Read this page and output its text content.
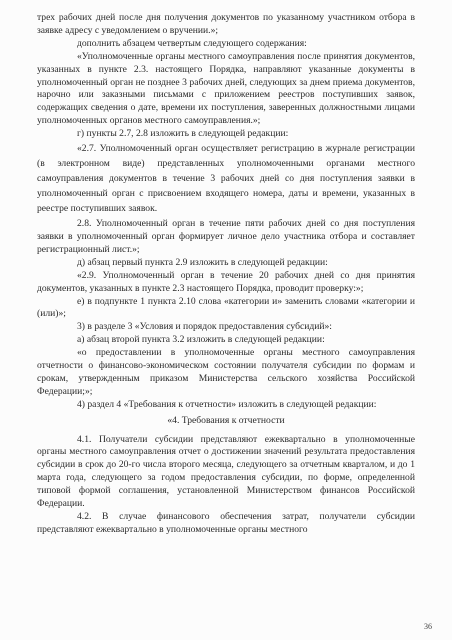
трех рабочих дней после дня получения документов по указанному участником отбора в заявке адресу с уведомлением о вручении.»;

дополнить абзацем четвертым следующего содержания:

«Уполномоченные органы местного самоуправления после принятия документов, указанных в пункте 2.3. настоящего Порядка, направляют указанные документы в уполномоченный орган не позднее 3 рабочих дней, следующих за днем приема документов, нарочно или заказными письмами с приложением реестров поступивших заявок, содержащих сведения о дате, времени их поступления, заверенных должностными лицами уполномоченных органов местного самоуправления.»;

г) пункты 2.7, 2.8 изложить в следующей редакции:

«2.7. Уполномоченный орган осуществляет регистрацию в журнале регистрации (в электронном виде) представленных уполномоченными органами местного самоуправления документов в течение 3 рабочих дней со дня поступления заявки в уполномоченный орган с присвоением входящего номера, даты и времени, указанных в реестре поступивших заявок.

2.8. Уполномоченный орган в течение пяти рабочих дней со дня поступления заявки в уполномоченный орган формирует личное дело участника отбора и составляет регистрационный лист.»;

д) абзац первый пункта 2.9 изложить в следующей редакции:

«2.9. Уполномоченный орган в течение 20 рабочих дней со дня принятия документов, указанных в пункте 2.3 настоящего Порядка, проводит проверку:»;

е) в подпункте 1 пункта 2.10 слова «категории и» заменить словами «категории и (или)»;

3) в разделе 3 «Условия и порядок предоставления субсидий»:

а) абзац второй пункта 3.2 изложить в следующей редакции:

«о предоставлении в уполномоченные органы местного самоуправления отчетности о финансово-экономическом состоянии получателя субсидии по формам и срокам, утвержденным приказом Министерства сельского хозяйства Российской Федерации;»;

4) раздел 4 «Требования к отчетности» изложить в следующей редакции:

«4. Требования к отчетности

4.1. Получатели субсидии представляют ежеквартально в уполномоченные органы местного самоуправления отчет о достижении значений результата предоставления субсидии в срок до 20-го числа второго месяца, следующего за отчетным кварталом, и до 1 марта года, следующего за годом предоставления субсидии, по форме, определенной типовой формой соглашения, установленной Министерством финансов Российской Федерации.

4.2. В случае финансового обеспечения затрат, получатели субсидии представляют ежеквартально в уполномоченные органы местного

36
